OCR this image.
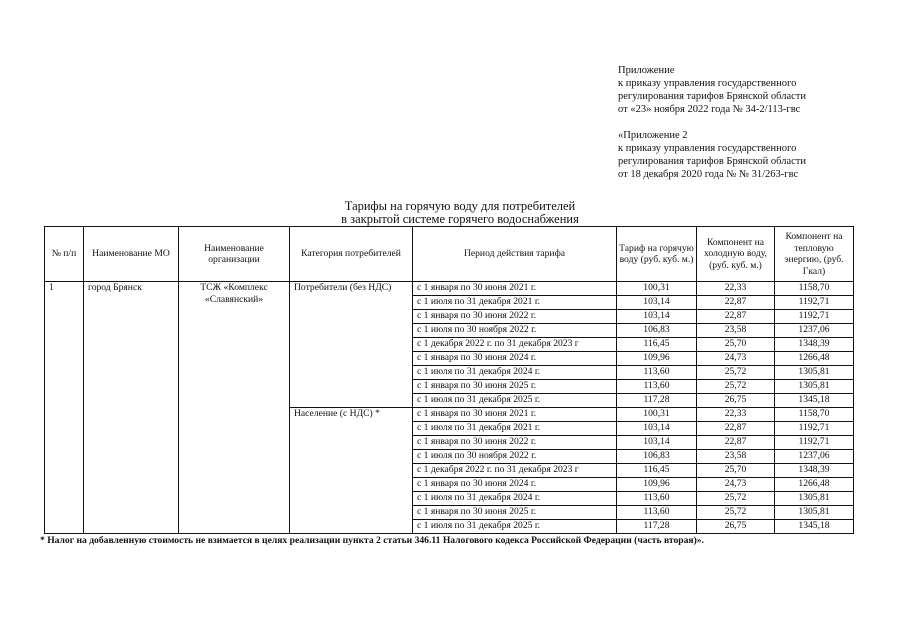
Приложение
к приказу управления государственного
регулирования тарифов Брянской области
от «23» ноября 2022 года № 34-2/113-гвс

«Приложение 2
к приказу управления государственного
регулирования тарифов Брянской области
от 18 декабря 2020 года № № 31/263-гвс

Тарифы на горячую воду для потребителей
в закрытой системе горячего водоснабжения
№ п/п	Наименование МО	Наименование организации	Категория потребителей	Период действия тарифа	Тариф на горячую воду (руб. куб. м.)	Компонент на холодную воду, (руб. куб. м.)	Компонент на тепловую энергию, (руб. Гкал)
1	город Брянск	ТСЖ «Комплекс «Славянский»	Потребители (без НДС)	с 1 января по 30 июня 2021 г.	100,31	22,33	1158,70
				с 1 июля по 31 декабря 2021 г.	103,14	22,87	1192,71
				с 1 января по 30 июня 2022 г.	103,14	22,87	1192,71
				с 1 июля по 30 ноября 2022 г.	106,83	23,58	1237,06
				с 1 декабря 2022 г. по 31 декабря 2023 г	116,45	25,70	1348,39
				с 1 января по 30 июня 2024 г.	109,96	24,73	1266,48
				с 1 июля по 31 декабря 2024 г.	113,60	25,72	1305,81
				с 1 января по 30 июня 2025 г.	113,60	25,72	1305,81
				с 1 июля по 31 декабря 2025 г.	117,28	26,75	1345,18
			Население (с НДС) *	с 1 января по 30 июня 2021 г.	100,31	22,33	1158,70
				с 1 июля по 31 декабря 2021 г.	103,14	22,87	1192,71
				с 1 января по 30 июня 2022 г.	103,14	22,87	1192,71
				с 1 июля по 30 ноября 2022 г.	106,83	23,58	1237,06
				с 1 декабря 2022 г. по 31 декабря 2023 г	116,45	25,70	1348,39
				с 1 января по 30 июня 2024 г.	109,96	24,73	1266,48
				с 1 июля по 31 декабря 2024 г.	113,60	25,72	1305,81
				с 1 января по 30 июня 2025 г.	113,60	25,72	1305,81
				с 1 июля по 31 декабря 2025 г.	117,28	26,75	1345,18
* Налог на добавленную стоимость не взимается в целях реализации пункта 2 статьи 346.11 Налогового кодекса Российской Федерации (часть вторая)».
